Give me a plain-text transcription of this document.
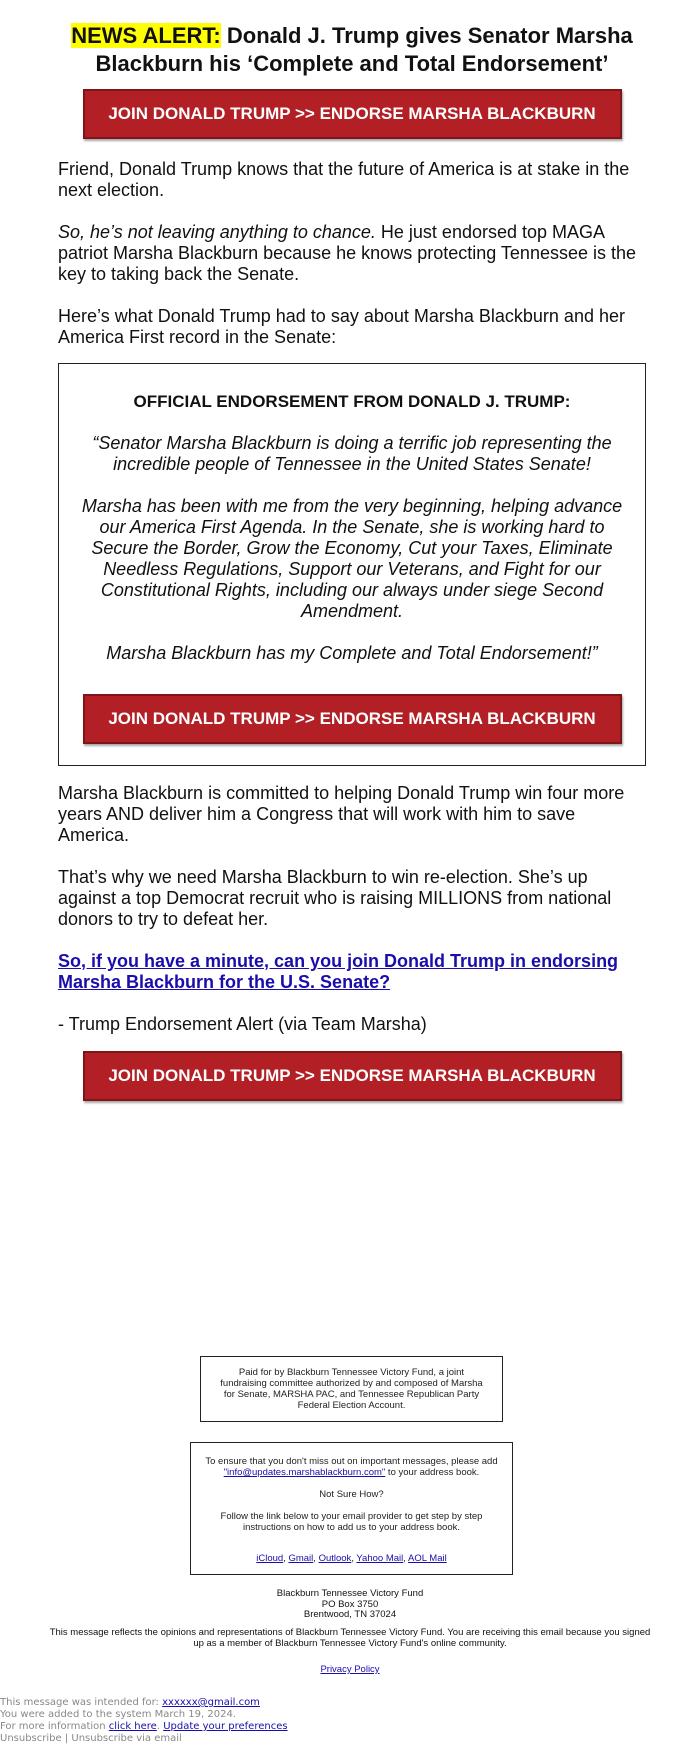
NEWS ALERT: Donald J. Trump gives Senator Marsha Blackburn his ‘Complete and Total Endorsement’
JOIN DONALD TRUMP >> ENDORSE MARSHA BLACKBURN

Friend, Donald Trump knows that the future of America is at stake in the next election.

So, he’s not leaving anything to chance. He just endorsed top MAGA patriot Marsha Blackburn because he knows protecting Tennessee is the key to taking back the Senate.

Here’s what Donald Trump had to say about Marsha Blackburn and her America First record in the Senate:

OFFICIAL ENDORSEMENT FROM DONALD J. TRUMP:

“Senator Marsha Blackburn is doing a terrific job representing the incredible people of Tennessee in the United States Senate!

Marsha has been with me from the very beginning, helping advance our America First Agenda. In the Senate, she is working hard to Secure the Border, Grow the Economy, Cut your Taxes, Eliminate Needless Regulations, Support our Veterans, and Fight for our Constitutional Rights, including our always under siege Second Amendment.

Marsha Blackburn has my Complete and Total Endorsement!”

JOIN DONALD TRUMP >> ENDORSE MARSHA BLACKBURN

Marsha Blackburn is committed to helping Donald Trump win four more years AND deliver him a Congress that will work with him to save America.

That’s why we need Marsha Blackburn to win re-election. She’s up against a top Democrat recruit who is raising MILLIONS from national donors to try to defeat her.

So, if you have a minute, can you join Donald Trump in endorsing Marsha Blackburn for the U.S. Senate?

- Trump Endorsement Alert (via Team Marsha)

JOIN DONALD TRUMP >> ENDORSE MARSHA BLACKBURN
Paid for by Blackburn Tennessee Victory Fund, a joint fundraising committee authorized by and composed of Marsha for Senate, MARSHA PAC, and Tennessee Republican Party Federal Election Account.
To ensure that you don't miss out on important messages, please add "info@updates.marshablackburn.com" to your address book.
Not Sure How?
Follow the link below to your email provider to get step by step instructions on how to add us to your address book.
iCloud, Gmail, Outlook, Yahoo Mail, AOL Mail
Blackburn Tennessee Victory Fund
PO Box 3750
Brentwood, TN 37024
This message reflects the opinions and representations of Blackburn Tennessee Victory Fund. You are receiving this email because you signed up as a member of Blackburn Tennessee Victory Fund's online community.
Privacy Policy
This message was intended for: xxxxxx@gmail.com
You were added to the system March 19, 2024.
For more information click here. Update your preferences
Unsubscribe | Unsubscribe via email
